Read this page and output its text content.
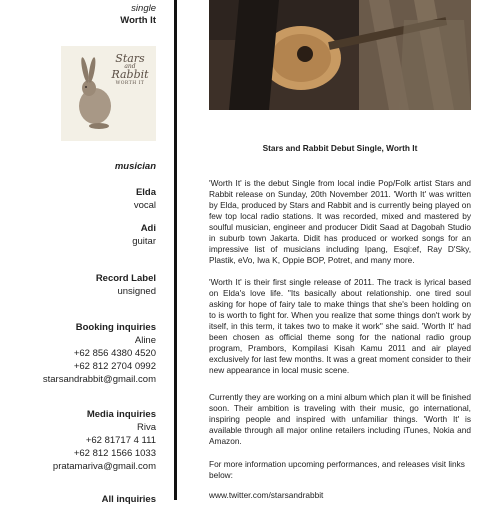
single
Worth It
Stars
and
Rabbit
WORTH IT
musician
Elda
vocal
Adi
guitar
Record Label
unsigned
Booking inquiries
Aline
+62 856 4380 4520
+62 812 2704 0992
starsandrabbit@gmail.com
Media inquiries
Riva
+62 81717 4 111
+62 812 1566 1033
pratamariva@gmail.com
All inquiries
Stars and Rabbit Debut Single, Worth It

'Worth It' is the debut Single from local indie Pop/Folk artist Stars and Rabbit release on Sunday, 20th November 2011. 'Worth It' was written by Elda, produced by Stars and Rabbit and is currently being played on few top local radio stations. It was recorded, mixed and mastered by soulful musician, engineer and producer Didit Saad at Dagobah Studio in suburb town Jakarta. Didit has produced or worked songs for an impressive list of musicians including Ipang, Esqi:ef, Ray D'Sky, Plastik, eVo, Iwa K, Oppie BOP, Potret, and many more.

'Worth It' is their first single release of 2011. The track is lyrical based on Elda's love life. "Its basically about relationship. one tired soul asking for hope of fairy tale to make things that she's been holding on to is worth to fight for. When you realize that some things don't work by itself, in this term, it takes two to make it work" she said. 'Worth It' had been chosen as official theme song for the national radio group program, Prambors, Kompilasi Kisah Kamu 2011 and air played exclusively for last few months. It was a great moment consider to their new appearance in local music scene.

Currently they are working on a mini album which plan it will be finished soon. Their ambition is traveling with their music, go international, inspiring people and inspired with unfamiliar things. 'Worth It' is available through all major online retailers including iTunes, Nokia and Amazon.

For more information upcoming performances, and releases visit links below:

www.twitter.com/starsandrabbit
